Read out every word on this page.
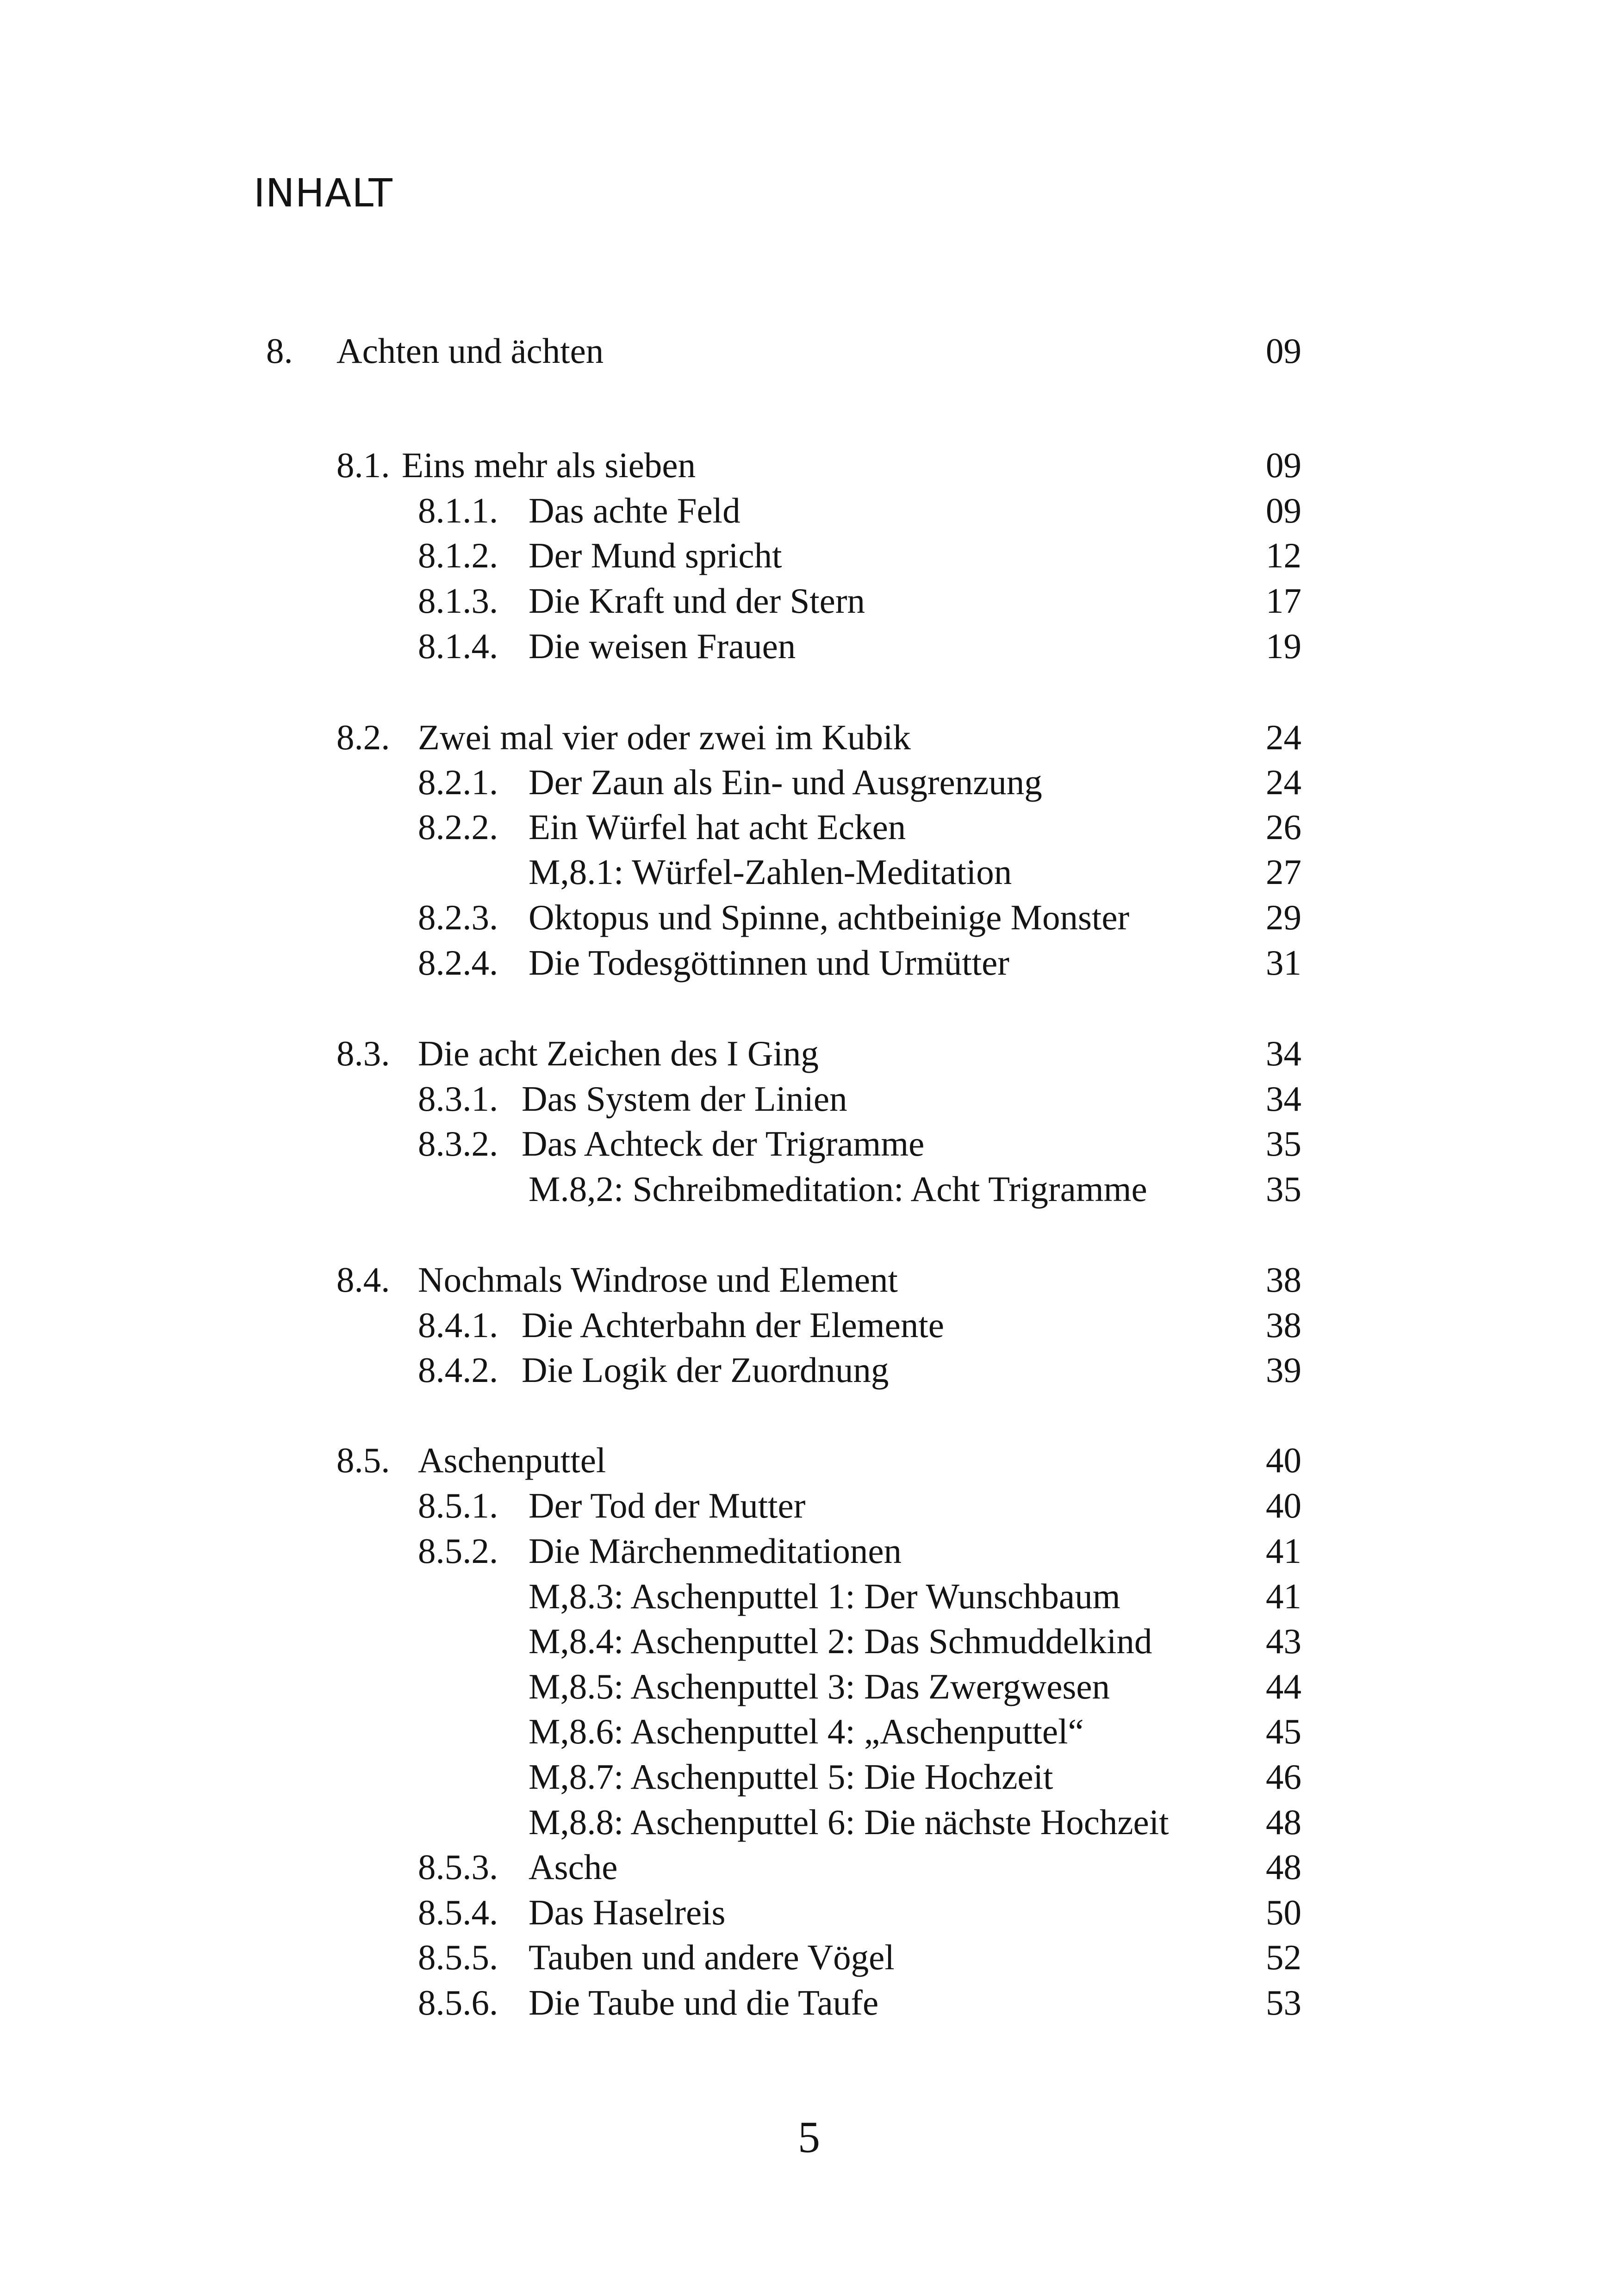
INHALT
8. Achten und ächten	09
8.1. Eins mehr als sieben	09
8.1.1. Das achte Feld	09
8.1.2. Der Mund spricht	12
8.1.3. Die Kraft und der Stern	17
8.1.4. Die weisen Frauen	19
8.2. Zwei mal vier oder zwei im Kubik	24
8.2.1. Der Zaun als Ein- und Ausgrenzung	24
8.2.2. Ein Würfel hat acht Ecken	26
M,8.1: Würfel-Zahlen-Meditation	27
8.2.3. Oktopus und Spinne, achtbeinige Monster	29
8.2.4. Die Todesgöttinnen und Urmütter	31
8.3. Die acht Zeichen des I Ging	34
8.3.1. Das System der Linien	34
8.3.2. Das Achteck der Trigramme	35
M.8,2: Schreibmeditation: Acht Trigramme	35
8.4. Nochmals Windrose und Element	38
8.4.1. Die Achterbahn der Elemente	38
8.4.2. Die Logik der Zuordnung	39
8.5. Aschenputtel	40
8.5.1. Der Tod der Mutter	40
8.5.2. Die Märchenmeditationen	41
M,8.3: Aschenputtel 1: Der Wunschbaum	41
M,8.4: Aschenputtel 2: Das Schmuddelkind	43
M,8.5: Aschenputtel 3: Das Zwergwesen	44
M,8.6: Aschenputtel 4: „Aschenputtel“	45
M,8.7: Aschenputtel 5: Die Hochzeit	46
M,8.8: Aschenputtel 6: Die nächste Hochzeit	48
8.5.3. Asche	48
8.5.4. Das Haselreis	50
8.5.5. Tauben und andere Vögel	52
8.5.6. Die Taube und die Taufe	53
5
